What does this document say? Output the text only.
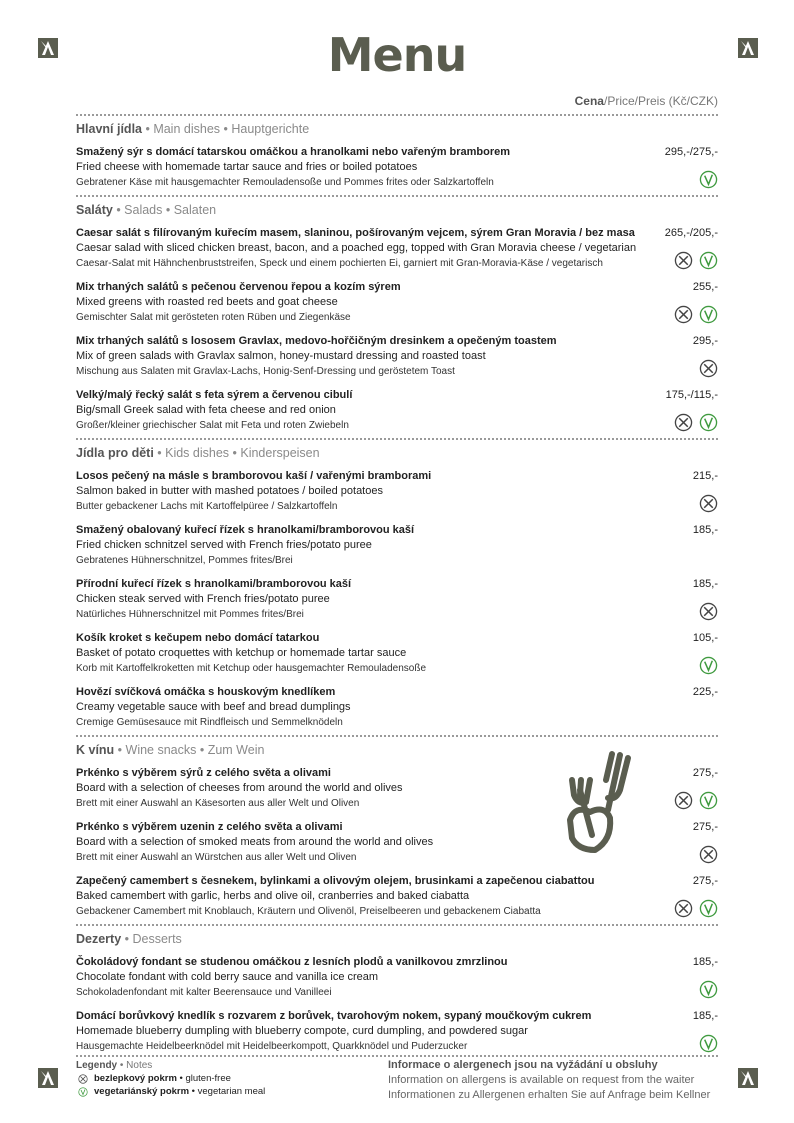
Menu
Cena/Price/Preis (Kč/CZK)
Hlavní jídla • Main dishes • Hauptgerichte
Smažený sýr s domácí tatarskou omáčkou a hranolkami nebo vařeným bramborem
Fried cheese with homemade tartar sauce and fries or boiled potatoes
Gebratener Käse mit hausgemachter Remouladensoße und Pommes frites oder Salzkartoffeln
295,-/275,-
Saláty • Salads • Salaten
Caesar salát s filírovaným kuřecím masem, slaninou, pošírovaným vejcem, sýrem Gran Moravia / bez masa
Caesar salad with sliced chicken breast, bacon, and a poached egg, topped with Gran Moravia cheese / vegetarian
Caesar-Salat mit Hähnchenbruststreifen, Speck und einem pochierten Ei, garniert mit Gran-Moravia-Käse / vegetarisch
265,-/205,-
Mix trhaných salátů s pečenou červenou řepou a kozím sýrem
Mixed greens with roasted red beets and goat cheese
Gemischter Salat mit gerösteten roten Rüben und Ziegenkäse
255,-
Mix trhaných salátů s lososem Gravlax, medovo-hořčičným dresinkem a opečeným toastem
Mix of green salads with Gravlax salmon, honey-mustard dressing and roasted toast
Mischung aus Salaten mit Gravlax-Lachs, Honig-Senf-Dressing und geröstetem Toast
295,-
Velký/malý řecký salát s feta sýrem a červenou cibulí
Big/small Greek salad with feta cheese and red onion
Großer/kleiner griechischer Salat mit Feta und roten Zwiebeln
175,-/115,-
Jídla pro děti • Kids dishes • Kinderspeisen
Losos pečený na másle s bramborovou kaší / vařenými bramborami
Salmon baked in butter with mashed potatoes / boiled potatoes
Butter gebackener Lachs mit Kartoffelpüree / Salzkartoffeln
215,-
Smažený obalovaný kuřecí řízek s hranolkami/bramborovou kaší
Fried chicken schnitzel served with French fries/potato puree
Gebratenes Hühnerschnitzel, Pommes frites/Brei
185,-
Přírodní kuřecí řízek s hranolkami/bramborovou kaší
Chicken steak served with French fries/potato puree
Natürliches Hühnerschnitzel mit Pommes frites/Brei
185,-
Košík kroket s kečupem nebo domácí tatarkou
Basket of potato croquettes with ketchup or homemade tartar sauce
Korb mit Kartoffelkroketten mit Ketchup oder hausgemachter Remouladensoße
105,-
Hovězí svíčková omáčka s houskovým knedlíkem
Creamy vegetable sauce with beef and bread dumplings
Cremige Gemüsesauce mit Rindfleisch und Semmelknödeln
225,-
K vínu • Wine snacks • Zum Wein
Prkénko s výběrem sýrů z celého světa a olivami
Board with a selection of cheeses from around the world and olives
Brett mit einer Auswahl an Käsesorten aus aller Welt und Oliven
275,-
Prkénko s výběrem uzenin z celého světa a olivami
Board with a selection of smoked meats from around the world and olives
Brett mit einer Auswahl an Würstchen aus aller Welt und Oliven
275,-
Zapečený camembert s česnekem, bylinkami a olivovým olejem, brusinkami a zapečenou ciabattou
Baked camembert with garlic, herbs and olive oil, cranberries and baked ciabatta
Gebackener Camembert mit Knoblauch, Kräutern und Olivenöl, Preiselbeeren und gebackenem Ciabatta
275,-
Dezerty • Desserts
Čokoládový fondant se studenou omáčkou z lesních plodů a vanilkovou zmrzlinou
Chocolate fondant with cold berry sauce and vanilla ice cream
Schokoladenfondant mit kalter Beerensauce und Vanilleei
185,-
Domácí borůvkový knedlík s rozvarem z borůvek, tvarohovým nokem, sypaný moučkovým cukrem
Homemade blueberry dumpling with blueberry compote, curd dumpling, and powdered sugar
Hausgemachte Heidelbeerknödel mit Heidelbeerkompott, Quarkknödel und Puderzucker
185,-
Legendy • Notes
bezlepkový pokrm • gluten-free
vegetariánský pokrm • vegetarian meal
Informace o alergenech jsou na vyžádání u obsluhy
Information on allergens is available on request from the waiter
Informationen zu Allergenen erhalten Sie auf Anfrage beim Kellner
